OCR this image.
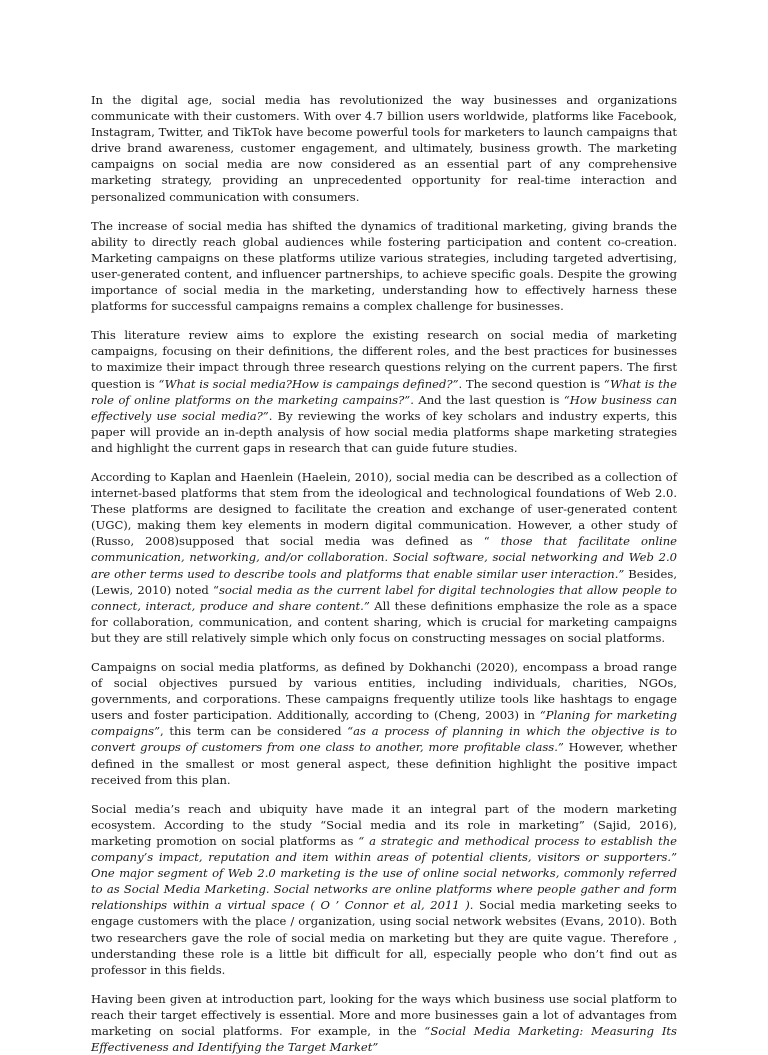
In the digital age, social media has revolutionized the way businesses and organizations communicate with their customers. With over 4.7 billion users worldwide, platforms like Facebook, Instagram, Twitter, and TikTok have become powerful tools for marketers to launch campaigns that drive brand awareness, customer engagement, and ultimately, business growth. The marketing campaigns on social media are now considered as an essential part of any comprehensive marketing strategy, providing an unprecedented opportunity for real-time interaction and personalized communication with consumers.

The increase of social media has shifted the dynamics of traditional marketing, giving brands the ability to directly reach global audiences while fostering participation and content co-creation. Marketing campaigns on these platforms utilize various strategies, including targeted advertising, user-generated content, and influencer partnerships, to achieve specific goals. Despite the growing importance of social media in the marketing, understanding how to effectively harness these platforms for successful campaigns remains a complex challenge for businesses.

This literature review aims to explore the existing research on social media of marketing campaigns, focusing on their definitions, the different roles, and the best practices for businesses to maximize their impact through three research questions relying on the current papers. The first question is “What is social media?How is campaings defined?”. The second question is “What is the role of online platforms on the marketing campains?”. And the last question is “How business can effectively use social media?”. By reviewing the works of key scholars and industry experts, this paper will provide an in-depth analysis of how social media platforms shape marketing strategies and highlight the current gaps in research that can guide future studies.

According to Kaplan and Haenlein (Haelein, 2010), social media can be described as a collection of internet-based platforms that stem from the ideological and technological foundations of Web 2.0. These platforms are designed to facilitate the creation and exchange of user-generated content (UGC), making them key elements in modern digital communication. However, a other study of (Russo, 2008)supposed that social media was defined as “ those that facilitate online communication, networking, and/or collaboration. Social software, social networking and Web 2.0 are other terms used to describe tools and platforms that enable similar user interaction.” Besides, (Lewis, 2010) noted “social media as the current label for digital technologies that allow people to connect, interact, produce and share content.” All these definitions emphasize the role as a space for collaboration, communication, and content sharing, which is crucial for marketing campaigns but they are still relatively simple which only focus on constructing messages on social platforms.

Campaigns on social media platforms, as defined by Dokhanchi (2020), encompass a broad range of social objectives pursued by various entities, including individuals, charities, NGOs, governments, and corporations. These campaigns frequently utilize tools like hashtags to engage users and foster participation. Additionally, according to (Cheng, 2003) in “Planing for marketing compaigns”, this term can be considered “as a process of planning in which the objective is to convert groups of customers from one class to another, more profitable class.” However, whether defined in the smallest or most general aspect, these definition highlight the positive impact received from this plan.

Social media’s reach and ubiquity have made it an integral part of the modern marketing ecosystem. According to the study “Social media and its role in marketing” (Sajid, 2016), marketing promotion on social platforms as “ a strategic and methodical process to establish the company’s impact, reputation and item within areas of potential clients, visitors or supporters.” One major segment of Web 2.0 marketing is the use of online social networks, commonly referred to as Social Media Marketing. Social networks are online platforms where people gather and form relationships within a virtual space ( O ’ Connor et al, 2011 ). Social media marketing seeks to engage customers with the place / organization, using social network websites (Evans, 2010). Both two researchers gave the role of social media on marketing but they are quite vague. Therefore , understanding these role is a little bit difficult for all, especially people who don’t find out as professor in this fields.

Having been given at introduction part, looking for the ways which business use social platform to reach their target effectively is essential. More and more businesses gain a lot of advantages from marketing on social platforms. For example, in the “Social Media Marketing: Measuring Its Effectiveness and Identifying the Target Market”
